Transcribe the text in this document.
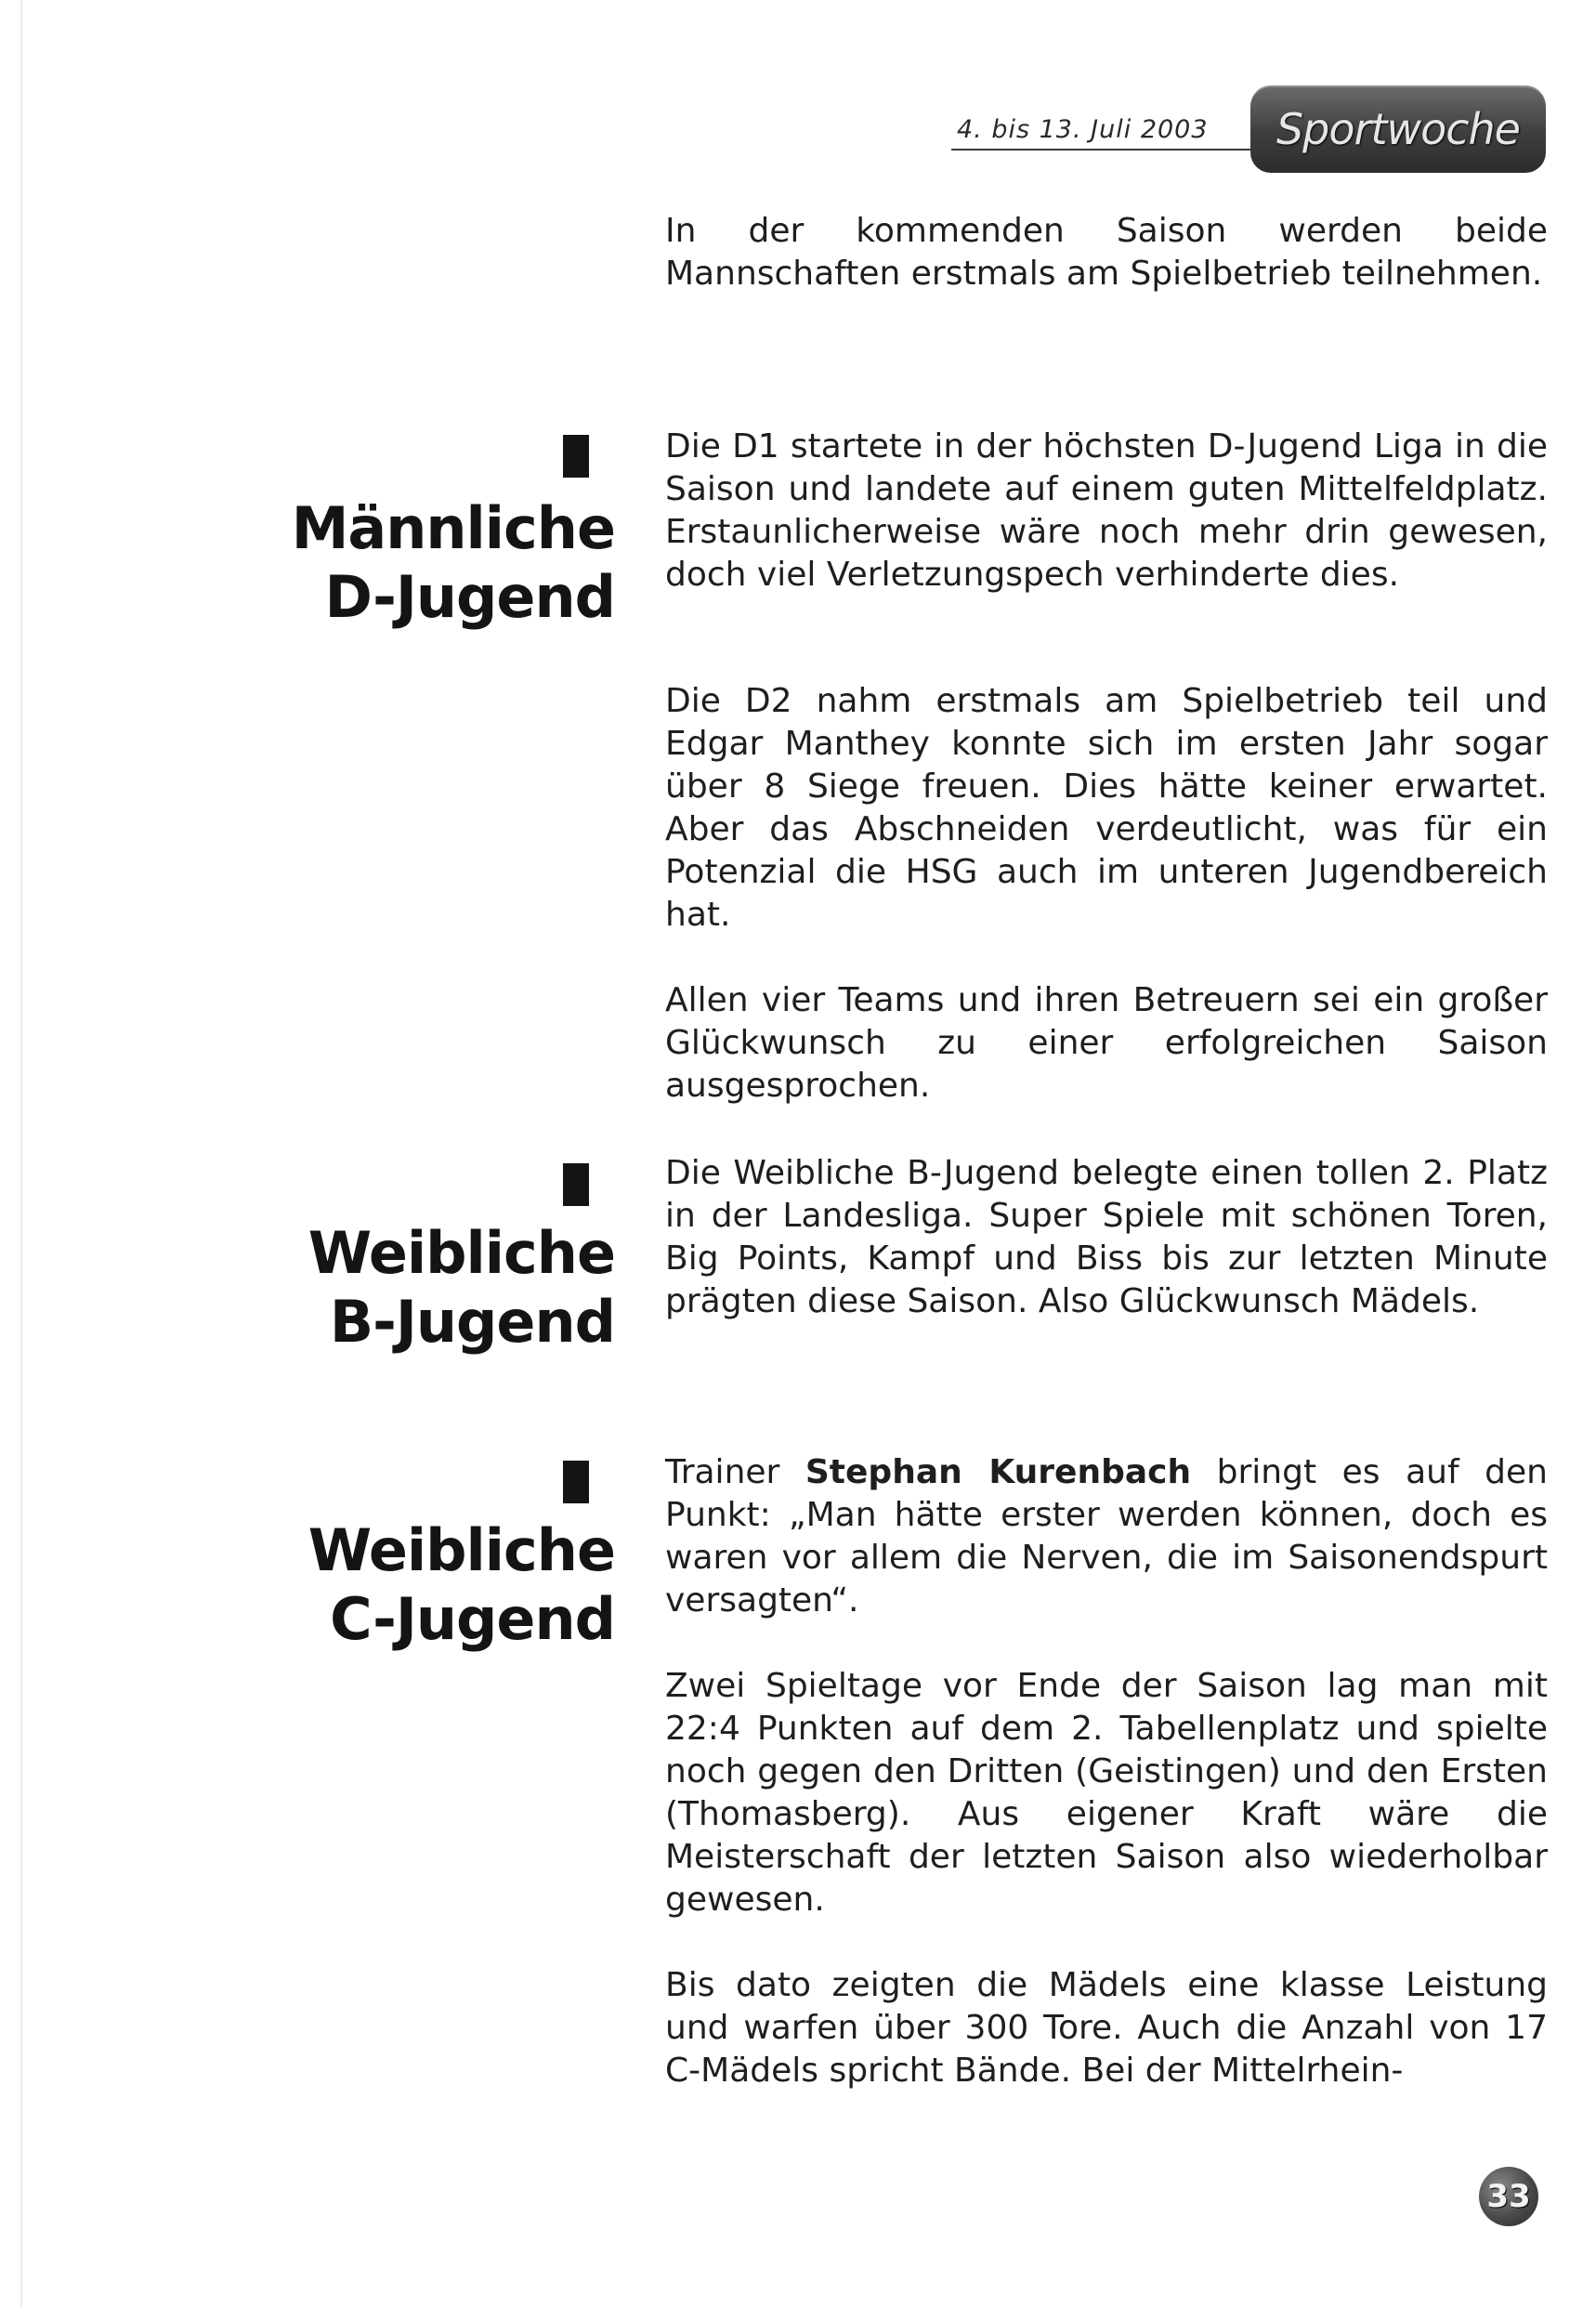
4. bis 13. Juli 2003 Sportwoche

In der kommenden Saison werden beide Mannschaften erstmals am Spielbetrieb teilnehmen.

Männliche
D-Jugend

Die D1 startete in der höchsten D-Jugend Liga in die Saison und landete auf einem guten Mittelfeldplatz. Erstaunlicherweise wäre noch mehr drin gewesen, doch viel Verletzungspech verhinderte dies.

Die D2 nahm erstmals am Spielbetrieb teil und Edgar Manthey konnte sich im ersten Jahr sogar über 8 Siege freuen. Dies hätte keiner erwartet. Aber das Abschneiden verdeutlicht, was für ein Potenzial die HSG auch im unteren Jugendbereich hat.

Allen vier Teams und ihren Betreuern sei ein großer Glückwunsch zu einer erfolgreichen Saison ausgesprochen.

Weibliche
B-Jugend

Die Weibliche B-Jugend belegte einen tollen 2. Platz in der Landesliga. Super Spiele mit schönen Toren, Big Points, Kampf und Biss bis zur letzten Minute prägten diese Saison. Also Glückwunsch Mädels.

Weibliche
C-Jugend

Trainer Stephan Kurenbach bringt es auf den Punkt: „Man hätte erster werden können, doch es waren vor allem die Nerven, die im Saisonendspurt versagten“.

Zwei Spieltage vor Ende der Saison lag man mit 22:4 Punkten auf dem 2. Tabellenplatz und spielte noch gegen den Dritten (Geistingen) und den Ersten (Thomasberg). Aus eigener Kraft wäre die Meisterschaft der letzten Saison also wiederholbar gewesen.

Bis dato zeigten die Mädels eine klasse Leistung und warfen über 300 Tore. Auch die Anzahl von 17 C-Mädels spricht Bände. Bei der Mittelrhein-

33
